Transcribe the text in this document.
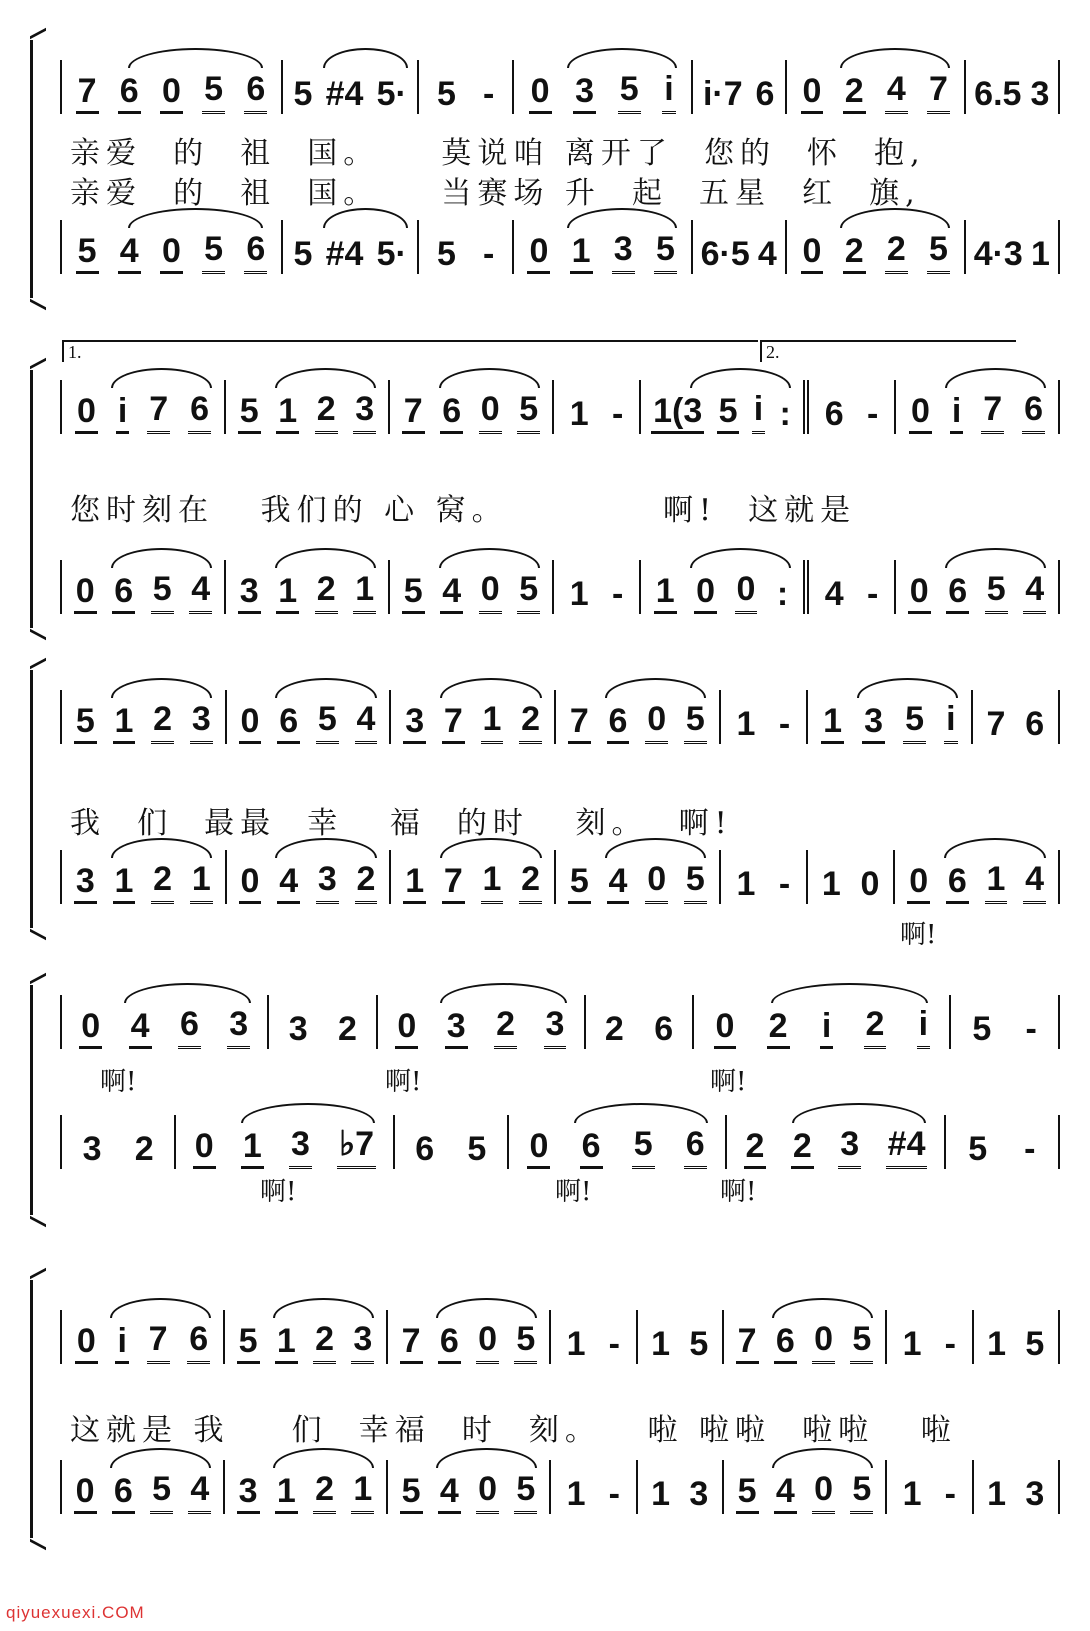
7 6 0 5 6 5 #4 5· 5 - 0 3 5 i i·7 6 0 2 4 7 6.5 3
亲爱  的  祖  国。    莫说咱 离开了  您的  怀  抱,
亲爱  的  祖  国。    当赛场 升  起  五星  红  旗,
5 4 0 5 6 5 #4 5· 5 - 0 1 3 5 6·5 4 0 2 2 5 4·3 1
1.	2.
0 i 7 6 5 1 2 3 7 6 0 5 1 - 1(3 5 i : 6 - 0 i 7 6
您时刻在   我们的 心 窝。          啊!  这就是
0 6 5 4 3 1 2 1 5 4 0 5 1 - 1 0 0 : 4 - 0 6 5 4
5 1 2 3 0 6 5 4 3 7 1 2 7 6 0 5 1 - 1 3 5 i 7 6
我  们  最最  幸   福  的时   刻。  啊!
3 1 2 1 0 4 3 2 1 7 1 2 5 4 0 5 1 - 1 0 0 6 1 4
啊!
0 4 6 3 3 2 0 3 2 3 2 6 0 2 i 2 i 5 -
啊!	啊!	啊!
3 2 0 1 3 ♭7 6 5 0 6 5 6 2 2 3 #4 5 -
啊!	啊!	啊!
0 i 7 6 5 1 2 3 7 6 0 5 1 - 1 5 7 6 0 5 1 - 1 5
这就是 我    们  幸福  时  刻。   啦 啦啦  啦啦   啦
0 6 5 4 3 1 2 1 5 4 0 5 1 - 1 3 5 4 0 5 1 - 1 3
qiyuexuexi.COM
